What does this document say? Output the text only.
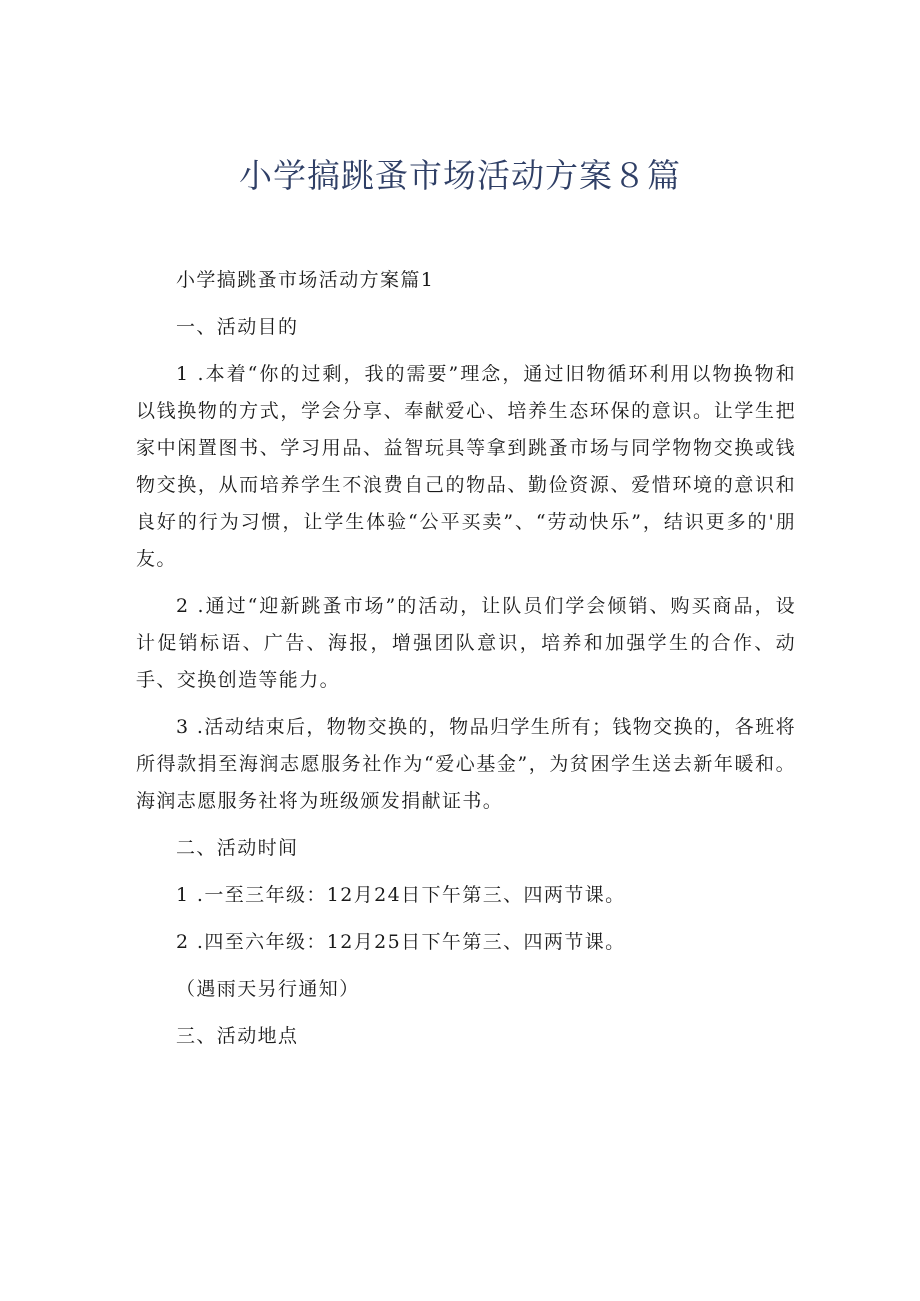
小学搞跳蚤市场活动方案８篇

小学搞跳蚤市场活动方案篇1

一、活动目的

1 .本着“你的过剩，我的需要”理念，通过旧物循环利用以物换物和以钱换物的方式，学会分享、奉献爱心、培养生态环保的意识。让学生把家中闲置图书、学习用品、益智玩具等拿到跳蚤市场与同学物物交换或钱物交换，从而培养学生不浪费自己的物品、勤俭资源、爱惜环境的意识和良好的行为习惯，让学生体验“公平买卖”、“劳动快乐”，结识更多的'朋友。

2 .通过“迎新跳蚤市场”的活动，让队员们学会倾销、购买商品，设计促销标语、广告、海报，增强团队意识，培养和加强学生的合作、动手、交换创造等能力。

3 .活动结束后，物物交换的，物品归学生所有；钱物交换的，各班将所得款捐至海润志愿服务社作为“爱心基金”，为贫困学生送去新年暖和。海润志愿服务社将为班级颁发捐献证书。

二、活动时间

1 .一至三年级：12月24日下午第三、四两节课。

2 .四至六年级：12月25日下午第三、四两节课。

（遇雨天另行通知）

三、活动地点
